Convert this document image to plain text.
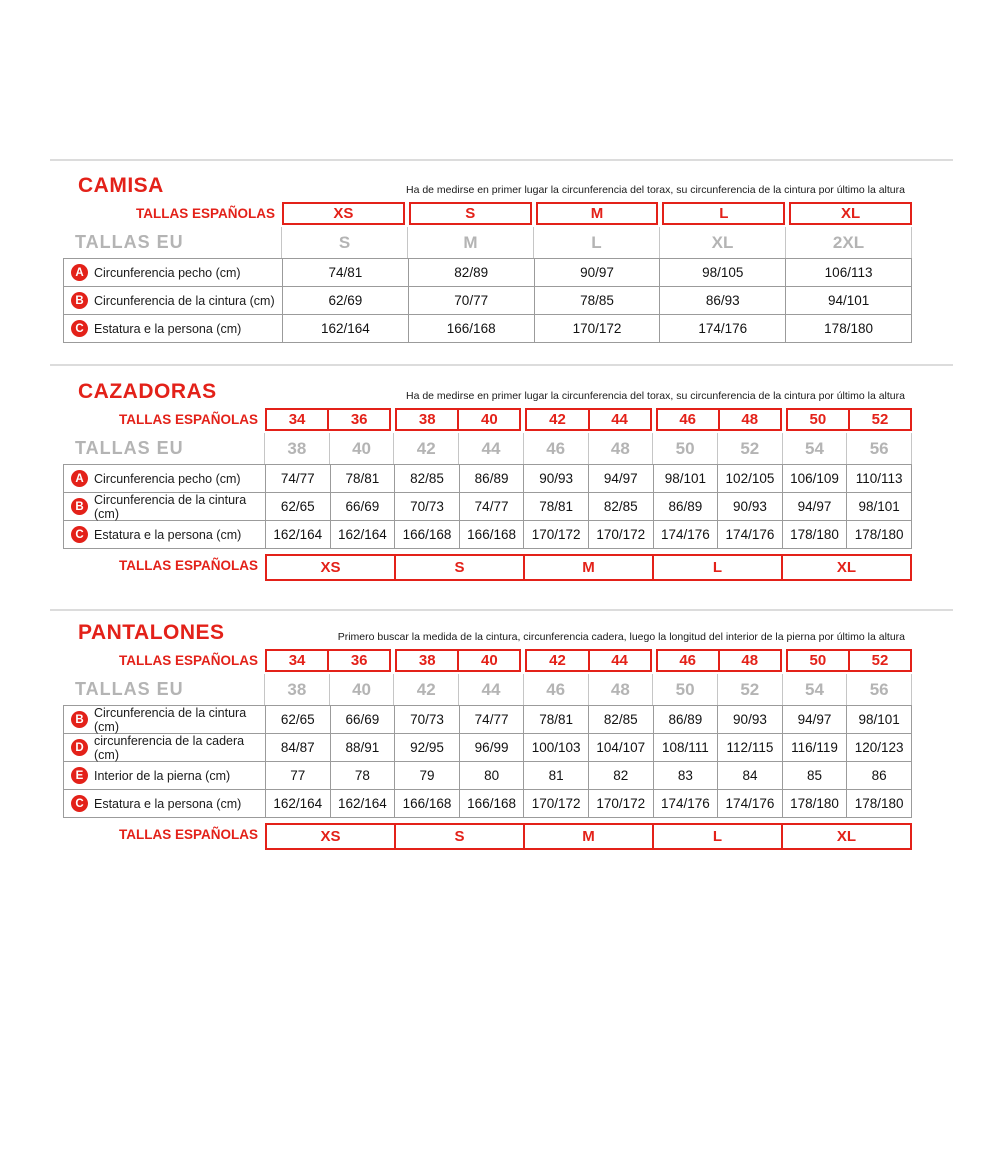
CAMISA	Ha de medirse en primer lugar la circunferencia del torax, su circunferencia de la cintura por último la altura

TALLAS ESPAÑOLAS	XS	S	M	L	XL
TALLAS EU	S	M	L	XL	2XL
A Circunferencia pecho (cm)	74/81	82/89	90/97	98/105	106/113
B Circunferencia de la cintura (cm)	62/69	70/77	78/85	86/93	94/101
C Estatura e la persona (cm)	162/164	166/168	170/172	174/176	178/180
CAZADORAS	Ha de medirse en primer lugar la circunferencia del torax, su circunferencia de la cintura por último la altura

TALLAS ESPAÑOLAS	34	36	38	40	42	44	46	48	50	52
TALLAS EU	38	40	42	44	46	48	50	52	54	56
A Circunferencia pecho (cm)	74/77	78/81	82/85	86/89	90/93	94/97	98/101	102/105	106/109	110/113
B Circunferencia de la cintura (cm)	62/65	66/69	70/73	74/77	78/81	82/85	86/89	90/93	94/97	98/101
C Estatura e la persona (cm)	162/164	162/164	166/168	166/168	170/172	170/172	174/176	174/176	178/180	178/180
TALLAS ESPAÑOLAS	XS	S	M	L	XL
PANTALONES	Primero buscar la medida de la cintura, circunferencia cadera, luego la longitud del interior de la pierna por último la altura

TALLAS ESPAÑOLAS	34	36	38	40	42	44	46	48	50	52
TALLAS EU	38	40	42	44	46	48	50	52	54	56
B Circunferencia de la cintura (cm)	62/65	66/69	70/73	74/77	78/81	82/85	86/89	90/93	94/97	98/101
D circunferencia de la cadera (cm)	84/87	88/91	92/95	96/99	100/103	104/107	108/111	112/115	116/119	120/123
E Interior de la pierna (cm)	77	78	79	80	81	82	83	84	85	86
C Estatura e la persona (cm)	162/164	162/164	166/168	166/168	170/172	170/172	174/176	174/176	178/180	178/180
TALLAS ESPAÑOLAS	XS	S	M	L	XL
